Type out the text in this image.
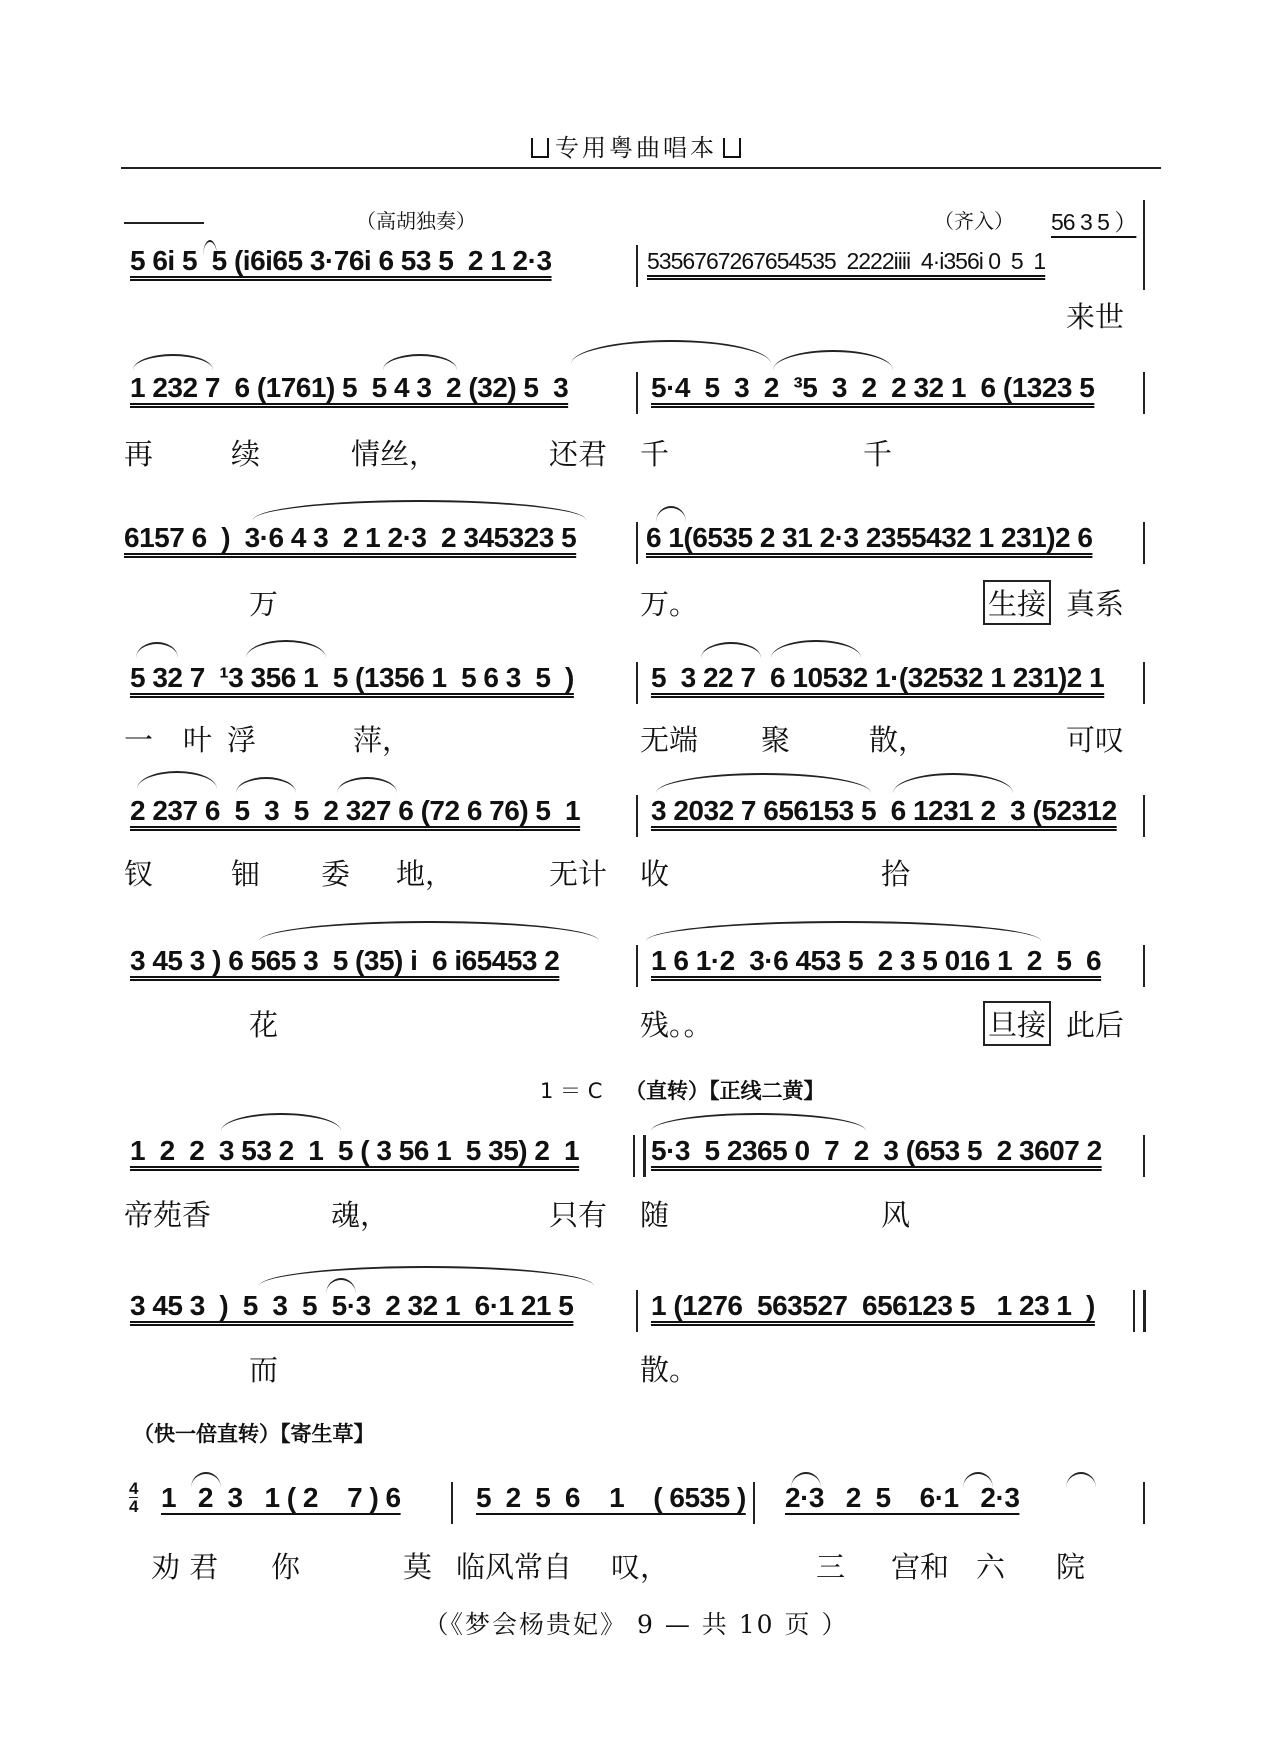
专用粤曲唱本
（高胡独奏）	（齐入） 56 3 5 ）
5 6i 5  5 (i6i65 3·76i 6 53 5  2 1 2·3	5356767267654535  2222iiii  4·i356i 0  5  1
来世
1 232 7  6 (1761) 5  5 4 3  2 (32) 5  3	5·4  5  3  2  ³5  3  2  2 32 1  6 (1323 5
再	续	情丝，	还君 千	千
6157 6  )  3·6 4 3  2 1 2·3  2 345323 5 6 1(6535 2 31 2·3 2355432 1 231)2 6
万	万。	生接 真系
5 32 7  ¹3 356 1  5 (1356 1  5 6 3  5  )	5  3 22 7  6 10532 1·(32532 1 231)2 1
一 叶 浮	萍，	无端 聚	散，	可叹
2 237 6  5  3  5  2 327 6 (72 6 76) 5  1	3 2032 7 656153 5  6 1231 2  3 (52312
钗	钿 委 地，	无计 收	拾
3 45 3 ) 6 565 3  5 (35) i  6 i65453 2	1 6 1·2  3·6 453 5  2 3 5 016 1  2  5  6
花	残。。	旦接 此后
1 ＝ C （直转）【正线二黄】
1  2  2  3 53 2  1  5 ( 3 56 1  5 35) 2  1	5·3  5 2365 0  7  2  3 (653 5  2 3607 2
帝苑香	魂，	只有 随	风
3 45 3  )  5  3  5  5·3  2 32 1  6·1 21 5	1 (1276  563527  656123 5   1 23 1  )
而	散。
（快一倍直转）【寄生草】
4
4 1   2  3   1 ( 2    7 ) 6	5  2  5  6    1    ( 6535 ) 2·3   2  5    6·1   2·3
劝 君 你	莫 临风常自 叹，	三 宫和 六 院
（《梦会杨贵妃》 9 — 共 10 页 ）
